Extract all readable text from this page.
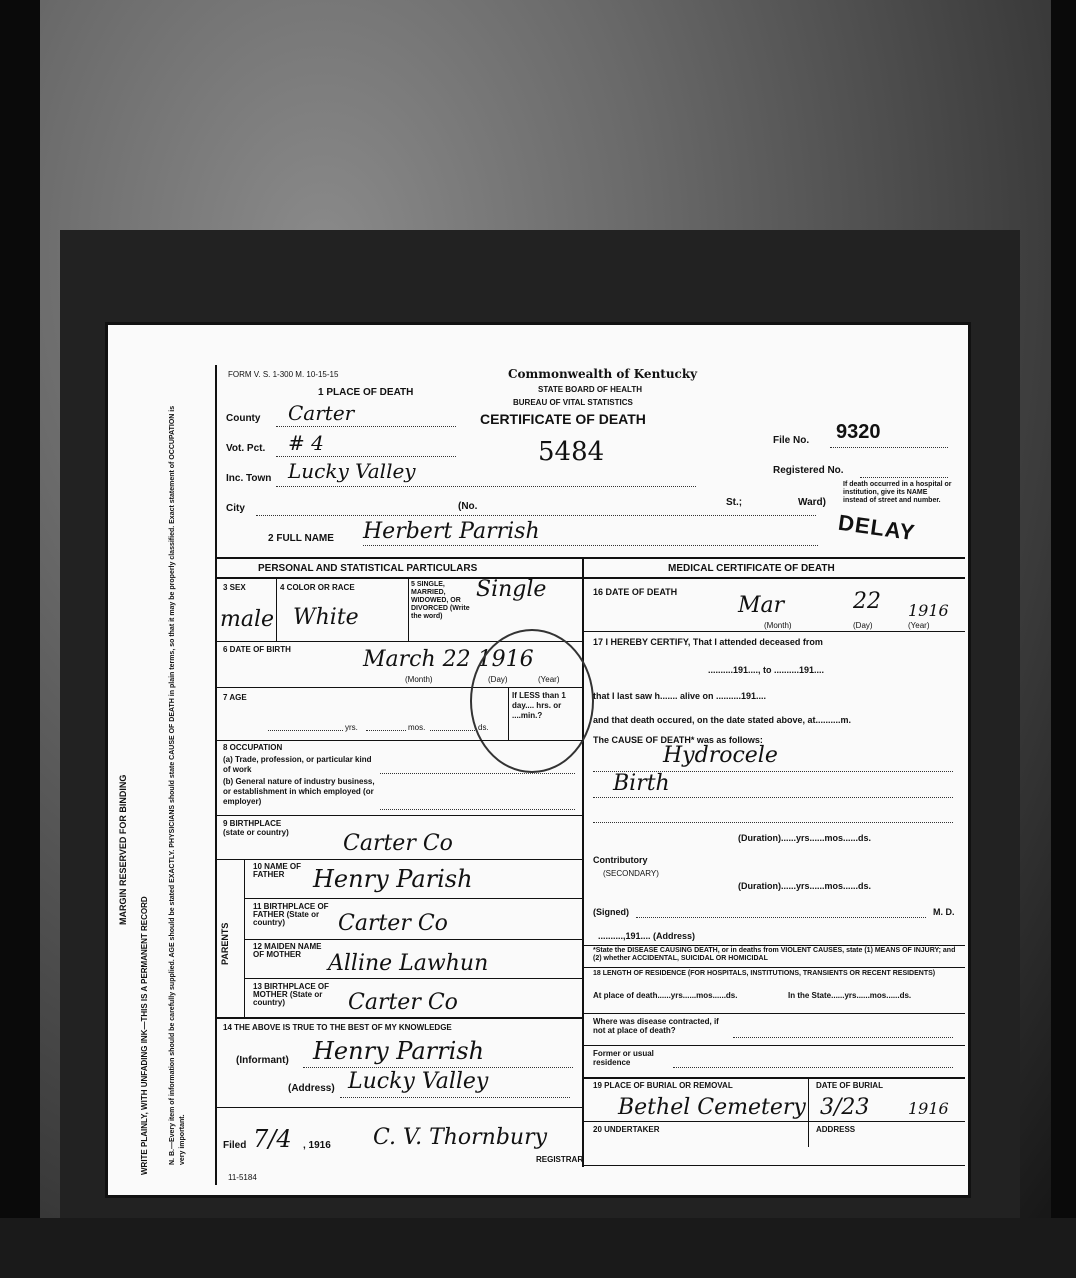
MARGIN RESERVED FOR BINDING
WRITE PLAINLY, WITH UNFADING INK—THIS IS A PERMANENT RECORD	N. B.—Every item of information should be carefully supplied. AGE should be stated EXACTLY. PHYSICIANS should state CAUSE OF DEATH in plain terms, so that it may be properly classified. Exact statement of OCCUPATION is very important.
FORM V. S. 1-300 M. 10-15-15	Commonwealth of Kentucky
STATE BOARD OF HEALTH
BUREAU OF VITAL STATISTICS
CERTIFICATE OF DEATH
File No. 9320
Registered No.
5484
1 PLACE OF DEATH
County Carter
Vot. Pct. # 4
Inc. Town Lucky Valley
City	(No.	St.;	Ward)
If death occurred in a hospital or institution, give its NAME instead of street and number.
DELAY
2 FULL NAME Herbert Parrish
PERSONAL AND STATISTICAL PARTICULARS	MEDICAL CERTIFICATE OF DEATH
3 SEX
male
4 COLOR OR RACE
White
5 SINGLE, MARRIED, WIDOWED, OR DIVORCED (Write the word)
Single
6 DATE OF BIRTH	March 22 1916
(Month)	(Day)	(Year)
7 AGE
yrs.	mos.	ds.
If LESS than 1 day.... hrs. or ....min.?
8 OCCUPATION
(a) Trade, profession, or particular kind of work
(b) General nature of industry business, or establishment in which employed (or employer)
9 BIRTHPLACE (state or country)	Carter Co
PARENTS
10 NAME OF FATHER	Henry Parish
11 BIRTHPLACE OF FATHER (State or country)	Carter Co
12 MAIDEN NAME OF MOTHER	Alline Lawhun
13 BIRTHPLACE OF MOTHER (State or country)	Carter Co
14 THE ABOVE IS TRUE TO THE BEST OF MY KNOWLEDGE
(Informant) Henry Parrish
(Address) Lucky Valley
Filed 7/4 , 1916 C. V. Thornbury
REGISTRAR
11-5184
16 DATE OF DEATH
Mar	22 1916
(Month)	(Day)	(Year)
17 I HEREBY CERTIFY, That I attended deceased from
..........191...., to ..........191....
that I last saw h....... alive on ..........191....
and that death occured, on the date stated above, at..........m.
The CAUSE OF DEATH* was as follows:
Hydrocele
Birth
(Duration)......yrs......mos......ds.
Contributory
(SECONDARY)
(Duration)......yrs......mos......ds.
(Signed)	M. D.
..........,191.... (Address)
*State the DISEASE CAUSING DEATH, or in deaths from VIOLENT CAUSES, state (1) MEANS OF INJURY; and (2) whether ACCIDENTAL, SUICIDAL OR HOMICIDAL
18 LENGTH OF RESIDENCE (FOR HOSPITALS, INSTITUTIONS, TRANSIENTS OR RECENT RESIDENTS)
At place of death......yrs......mos......ds.	In the State......yrs......mos......ds.
Where was disease contracted, if not at place of death?
Former or usual residence
19 PLACE OF BURIAL OR REMOVAL
Bethel Cemetery
DATE OF BURIAL
3/23 1916
20 UNDERTAKER	ADDRESS
